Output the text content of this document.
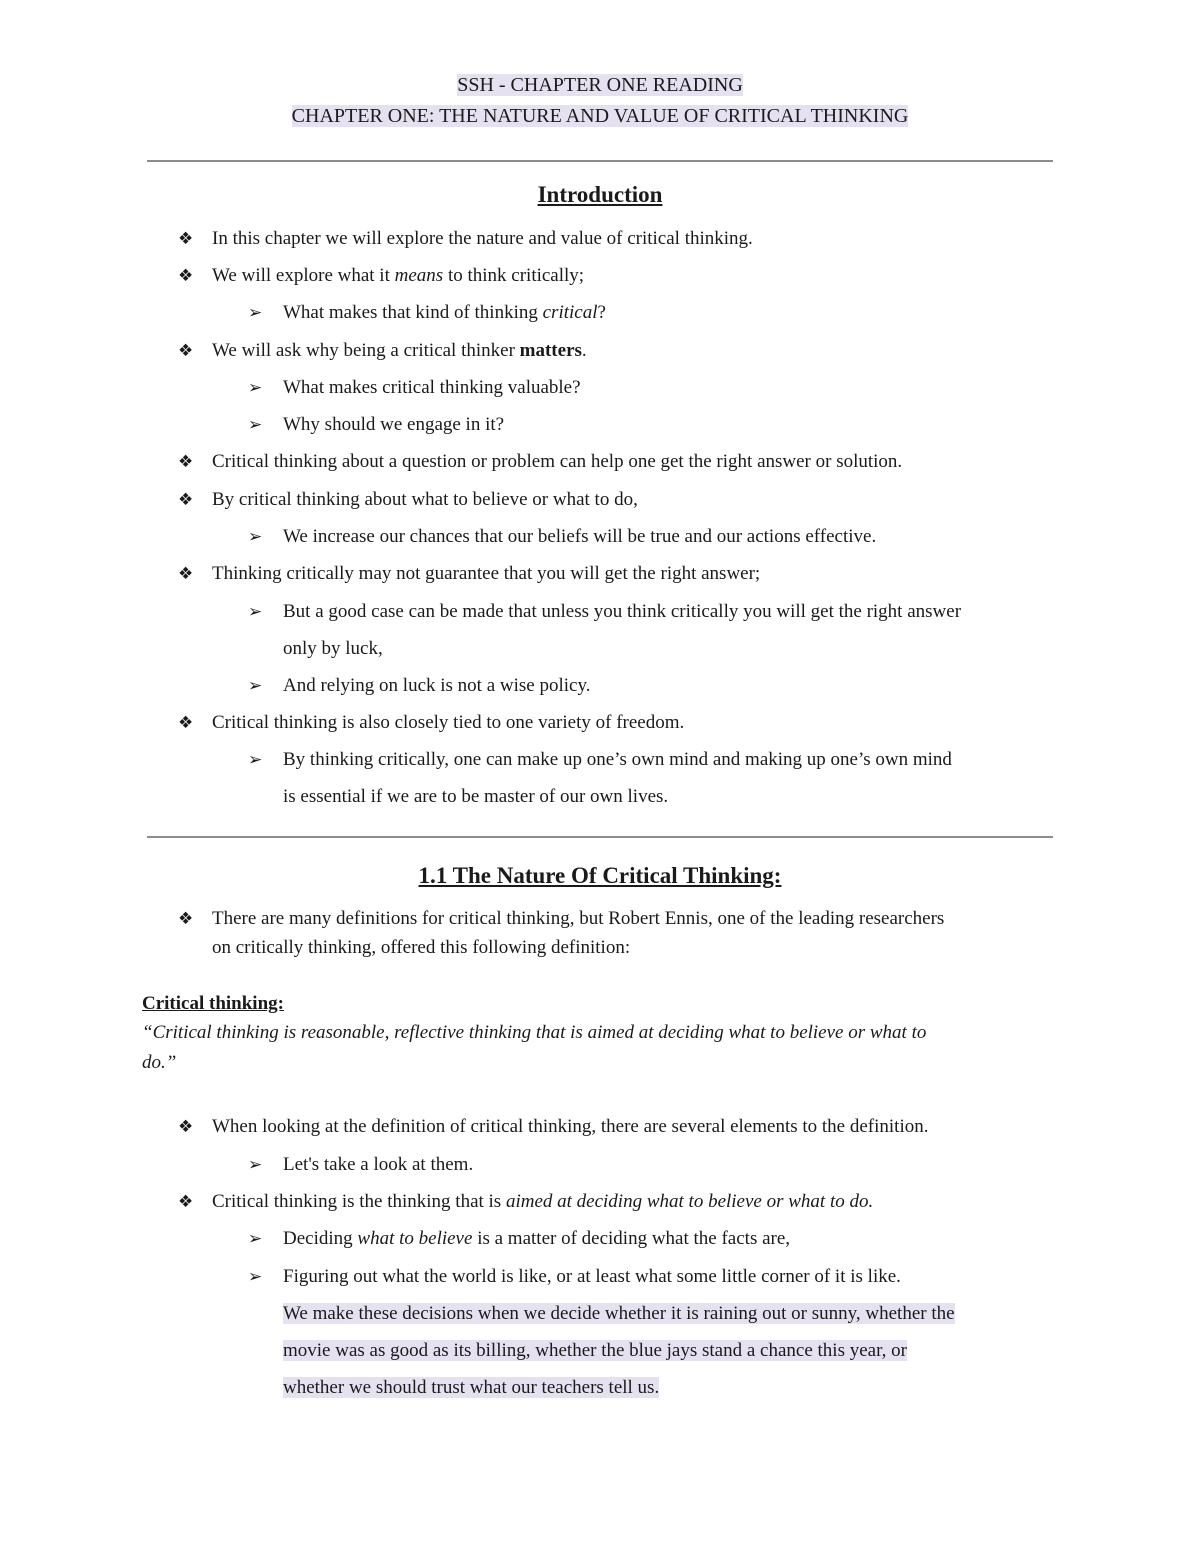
SSH - CHAPTER ONE READING
CHAPTER ONE: THE NATURE AND VALUE OF CRITICAL THINKING
Introduction
❖ In this chapter we will explore the nature and value of critical thinking.
❖ We will explore what it means to think critically;
➢ What makes that kind of thinking critical?
❖ We will ask why being a critical thinker matters.
➢ What makes critical thinking valuable?
➢ Why should we engage in it?
❖ Critical thinking about a question or problem can help one get the right answer or solution.
❖ By critical thinking about what to believe or what to do,
➢ We increase our chances that our beliefs will be true and our actions effective.
❖ Thinking critically may not guarantee that you will get the right answer;
➢ But a good case can be made that unless you think critically you will get the right answer
only by luck,
➢ And relying on luck is not a wise policy.
❖ Critical thinking is also closely tied to one variety of freedom.
➢ By thinking critically, one can make up one’s own mind and making up one’s own mind
is essential if we are to be master of our own lives.
1.1 The Nature Of Critical Thinking:
❖ There are many definitions for critical thinking, but Robert Ennis, one of the leading researchers
on critically thinking, offered this following definition:
Critical thinking:
“Critical thinking is reasonable, reflective thinking that is aimed at deciding what to believe or what to
do.”
❖ When looking at the definition of critical thinking, there are several elements to the definition.
➢ Let's take a look at them.
❖ Critical thinking is the thinking that is aimed at deciding what to believe or what to do.
➢ Deciding what to believe is a matter of deciding what the facts are,
➢ Figuring out what the world is like, or at least what some little corner of it is like.
We make these decisions when we decide whether it is raining out or sunny, whether the
movie was as good as its billing, whether the blue jays stand a chance this year, or
whether we should trust what our teachers tell us.
